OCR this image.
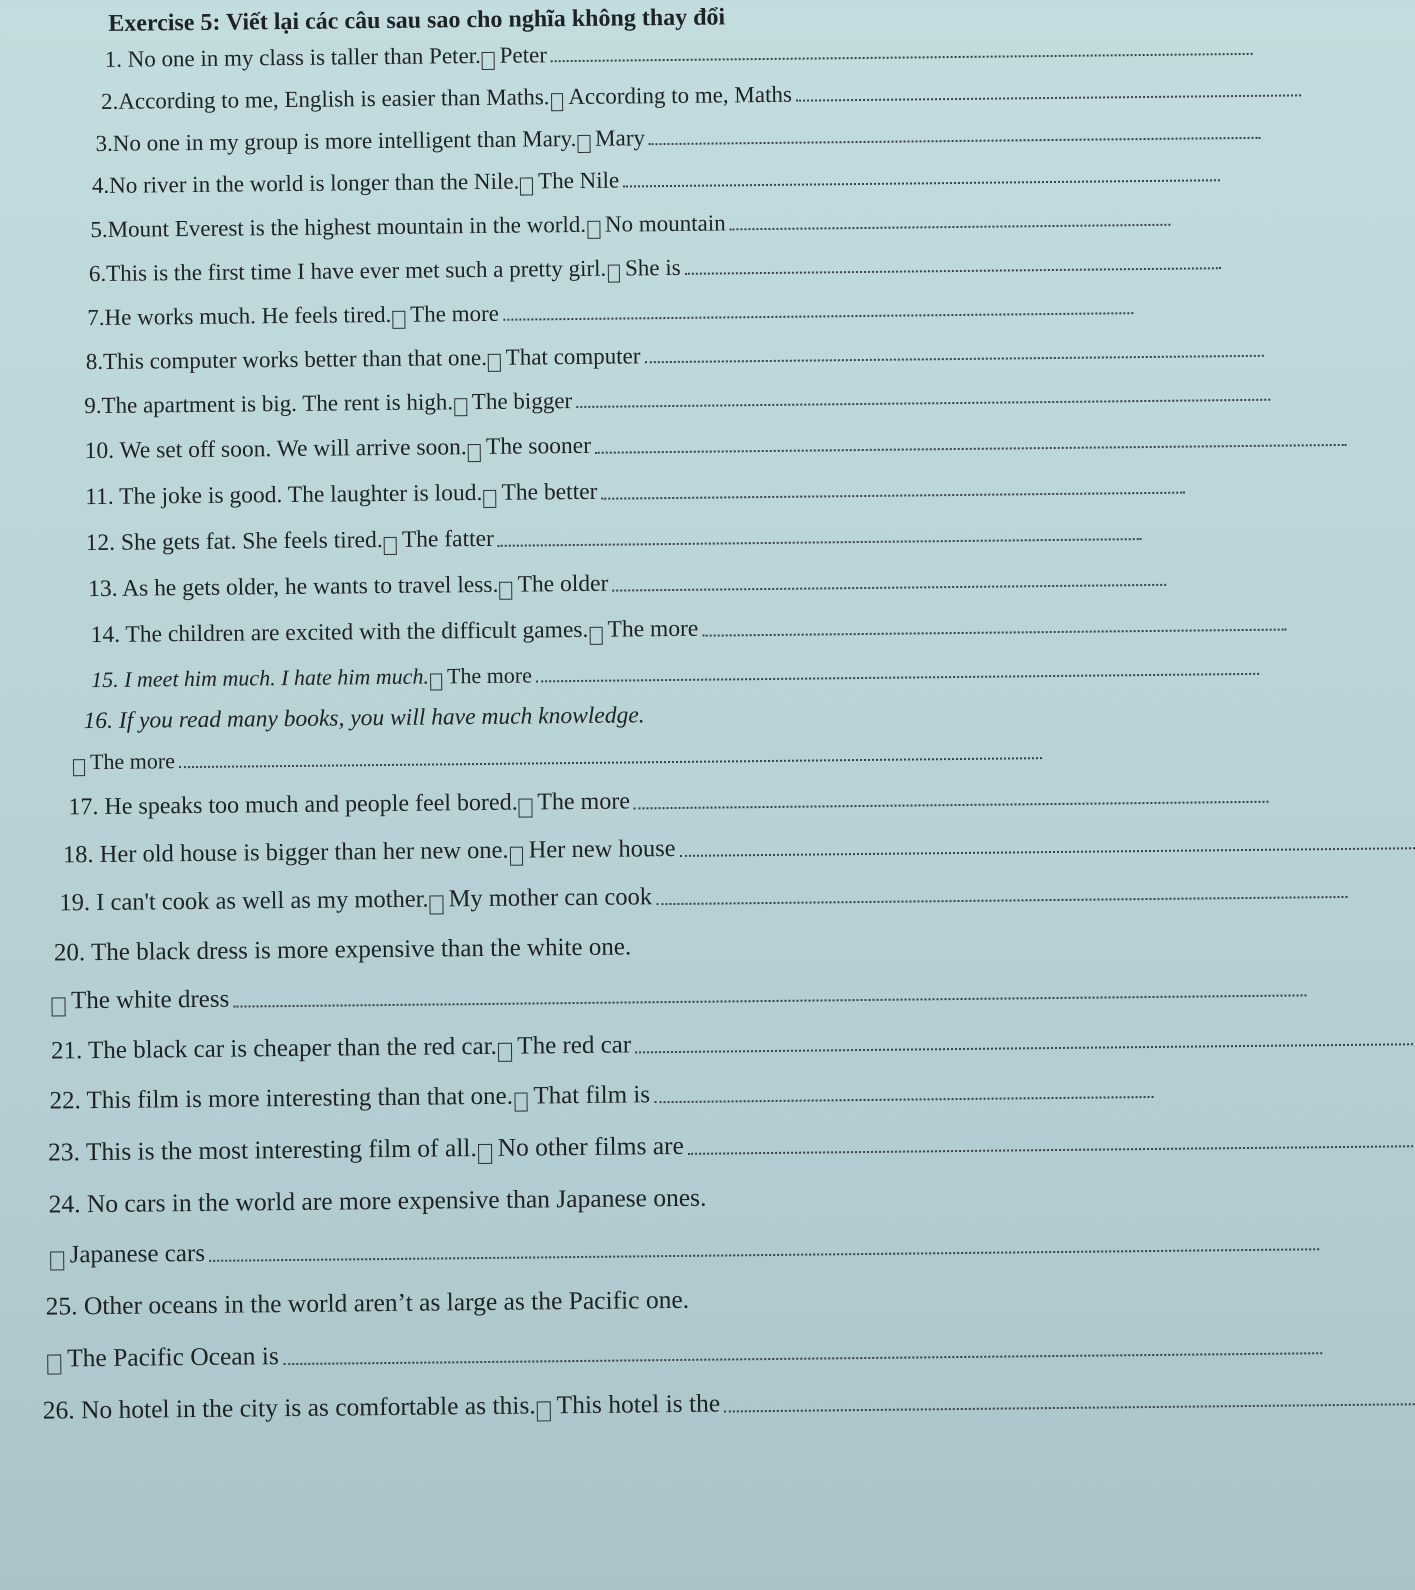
Exercise 5: Viết lại các câu sau sao cho nghĩa không thay đổi
1. No one in my class is taller than Peter. Peter
2.According to me, English is easier than Maths. According to me, Maths
3.No one in my group is more intelligent than Mary. Mary
4.No river in the world is longer than the Nile. The Nile
5.Mount Everest is the highest mountain in the world. No mountain
6.This is the first time I have ever met such a pretty girl. She is
7.He works much. He feels tired. The more
8.This computer works better than that one. That computer
9.The apartment is big. The rent is high. The bigger
10. We set off soon. We will arrive soon. The sooner
11. The joke is good. The laughter is loud. The better
12. She gets fat. She feels tired. The fatter
13. As he gets older, he wants to travel less. The older
14. The children are excited with the difficult games. The more
15. I meet him much. I hate him much. The more
16. If you read many books, you will have much knowledge.
The more
17. He speaks too much and people feel bored. The more
18. Her old house is bigger than her new one. Her new house
19. I can't cook as well as my mother. My mother can cook
20. The black dress is more expensive than the white one.
The white dress
21. The black car is cheaper than the red car. The red car
22. This film is more interesting than that one. That film is
23. This is the most interesting film of all. No other films are
24. No cars in the world are more expensive than Japanese ones.
Japanese cars
25. Other oceans in the world aren’t as large as the Pacific one.
The Pacific Ocean is
26. No hotel in the city is as comfortable as this. This hotel is the
